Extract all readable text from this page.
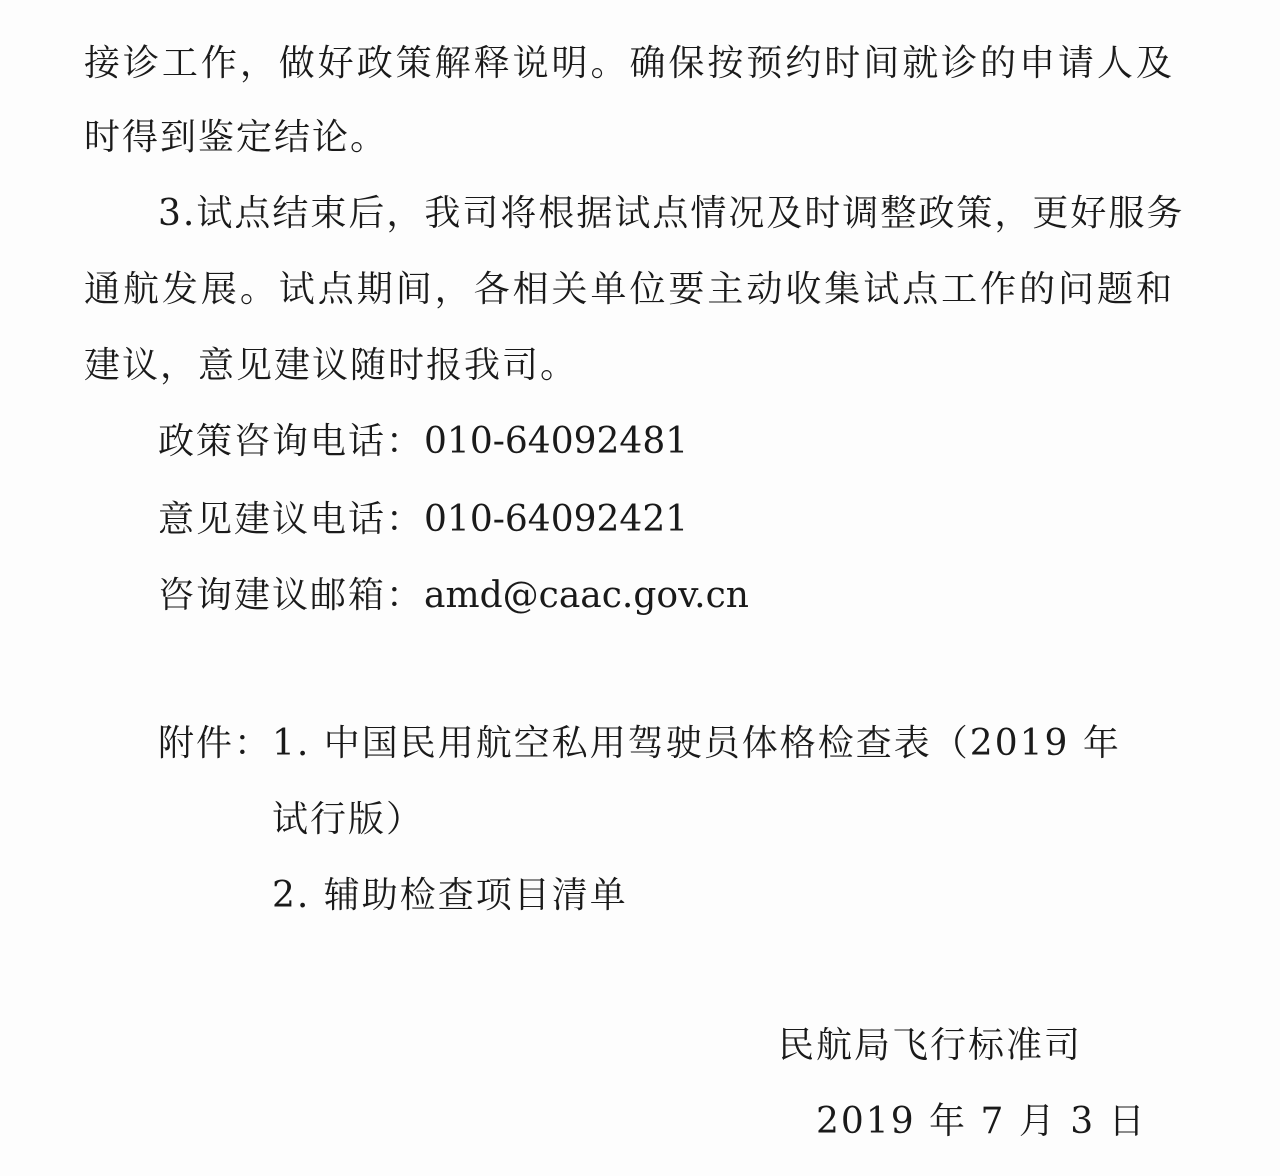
接诊工作，做好政策解释说明。确保按预约时间就诊的申请人及
时得到鉴定结论。
3.试点结束后，我司将根据试点情况及时调整政策，更好服务
通航发展。试点期间，各相关单位要主动收集试点工作的问题和
建议，意见建议随时报我司。
政策咨询电话：010-64092481
意见建议电话：010-64092421
咨询建议邮箱：amd@caac.gov.cn
附件： 1. 中国民用航空私用驾驶员体格检查表（2019 年
试行版）
2. 辅助检查项目清单
民航局飞行标准司
2019 年 7 月 3 日
